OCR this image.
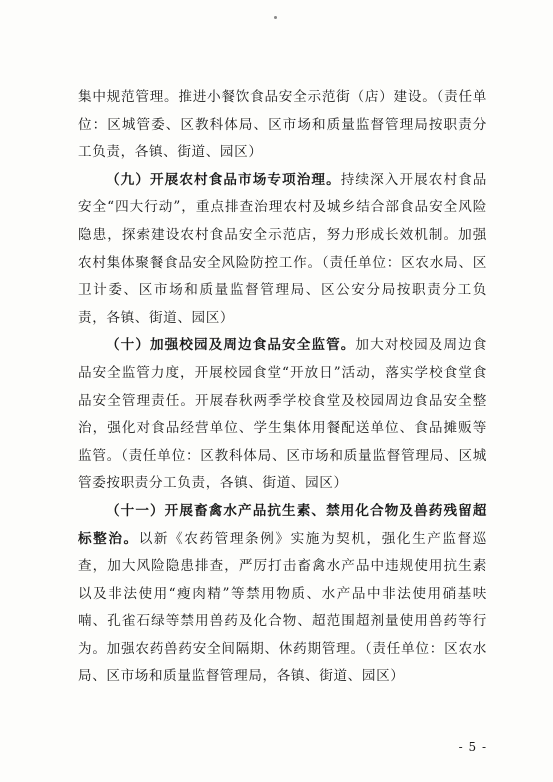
集中规范管理。推进小餐饮食品安全示范街（店）建设。（责任单位：区城管委、区教科体局、区市场和质量监督管理局按职责分工负责，各镇、街道、园区）

（九）开展农村食品市场专项治理。持续深入开展农村食品安全“四大行动”，重点排查治理农村及城乡结合部食品安全风险隐患，探索建设农村食品安全示范店，努力形成长效机制。加强农村集体聚餐食品安全风险防控工作。（责任单位：区农水局、区卫计委、区市场和质量监督管理局、区公安分局按职责分工负责，各镇、街道、园区）

（十）加强校园及周边食品安全监管。加大对校园及周边食品安全监管力度，开展校园食堂“开放日”活动，落实学校食堂食品安全管理责任。开展春秋两季学校食堂及校园周边食品安全整治，强化对食品经营单位、学生集体用餐配送单位、食品摊贩等监管。（责任单位：区教科体局、区市场和质量监督管理局、区城管委按职责分工负责，各镇、街道、园区）

（十一）开展畜禽水产品抗生素、禁用化合物及兽药残留超标整治。以新《农药管理条例》实施为契机，强化生产监督巡查，加大风险隐患排查，严厉打击畜禽水产品中违规使用抗生素以及非法使用“瘦肉精”等禁用物质、水产品中非法使用硝基呋喃、孔雀石绿等禁用兽药及化合物、超范围超剂量使用兽药等行为。加强农药兽药安全间隔期、休药期管理。（责任单位：区农水局、区市场和质量监督管理局，各镇、街道、园区）

- 5 -
